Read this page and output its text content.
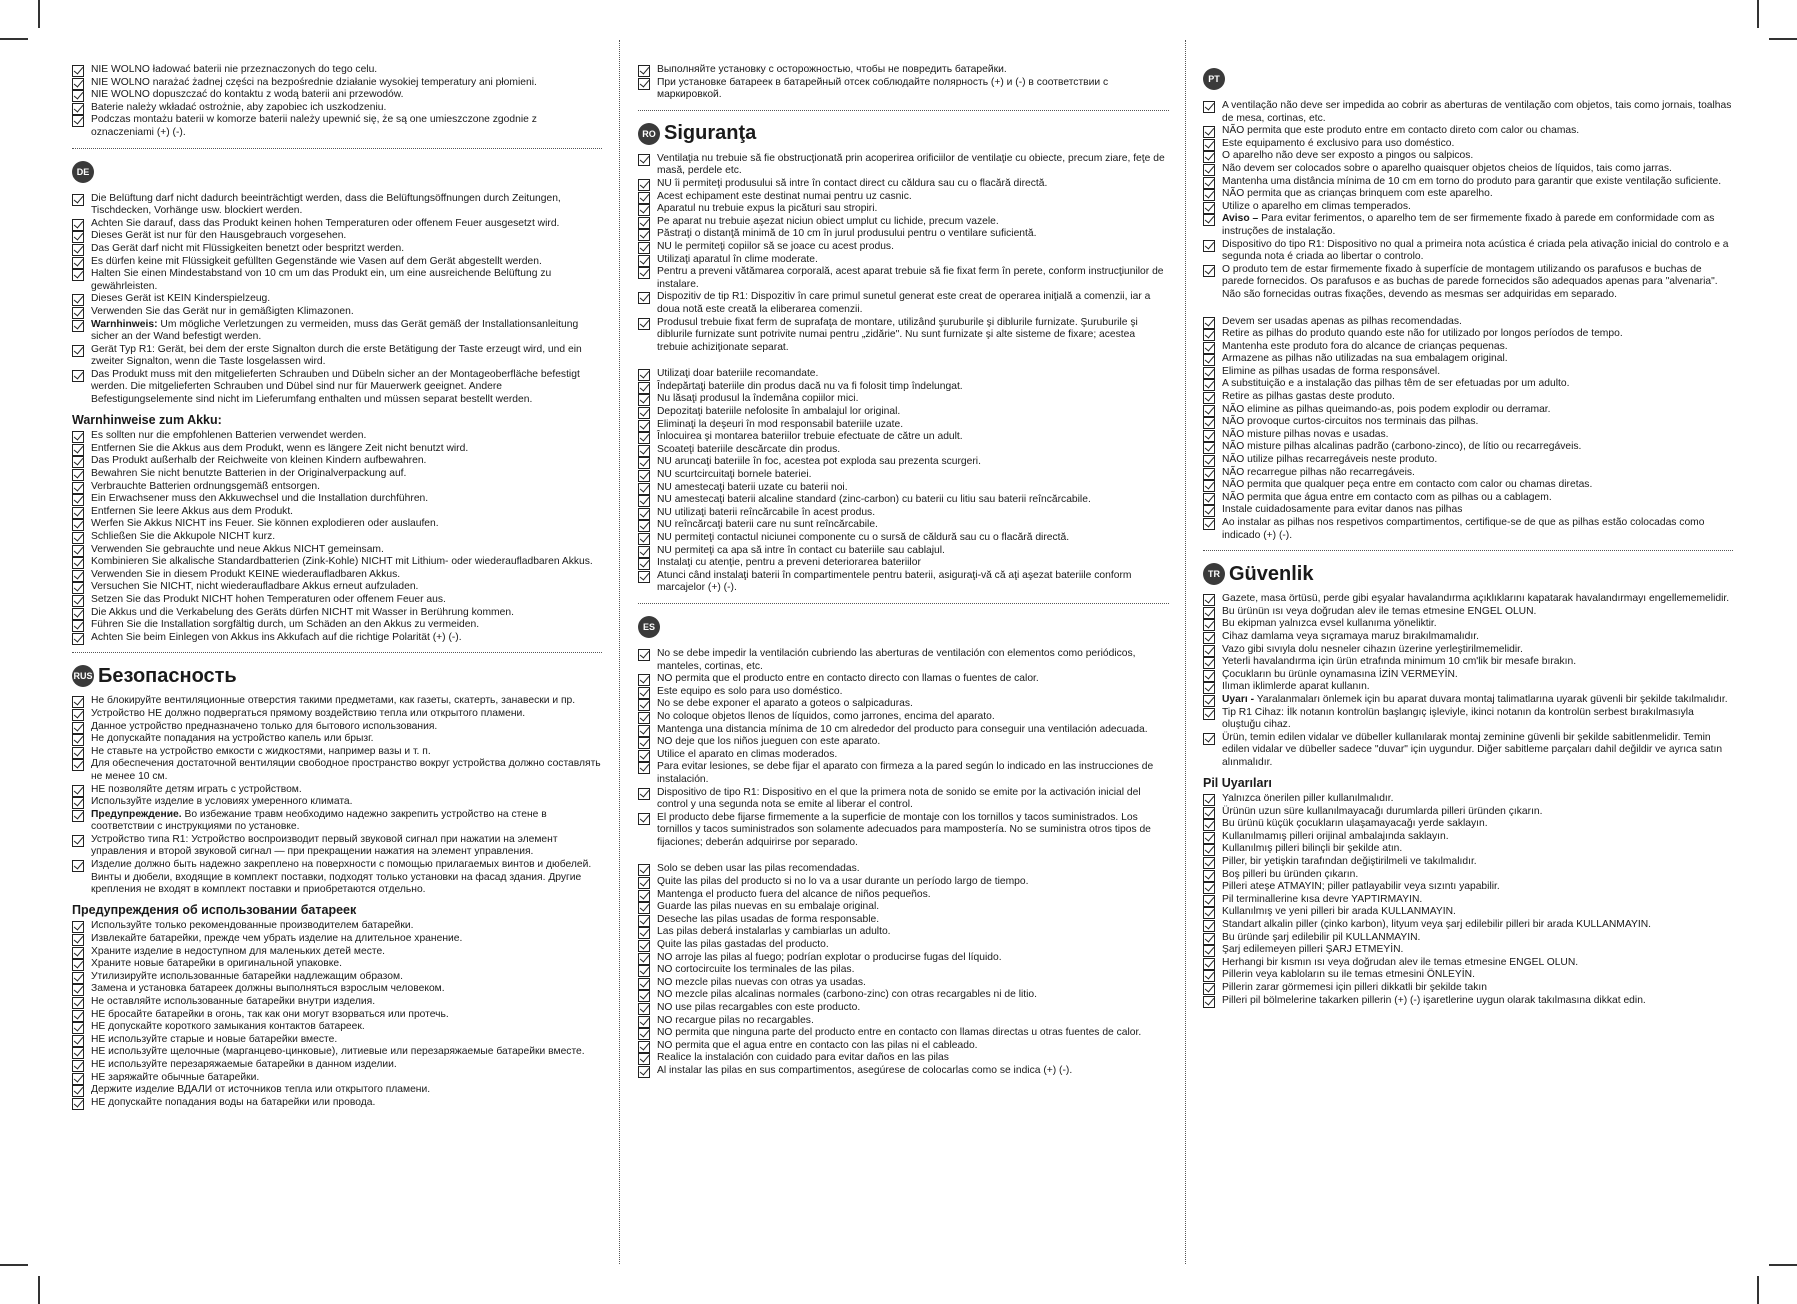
NIE WOLNO ładować baterii nie przeznaczonych do tego celu.
NIE WOLNO narażać żadnej części na bezpośrednie działanie wysokiej temperatury ani płomieni.
NIE WOLNO dopuszczać do kontaktu z wodą baterii ani przewodów.
Baterie należy wkładać ostrożnie, aby zapobiec ich uszkodzeniu.
Podczas montażu baterii w komorze baterii należy upewnić się, że są one umieszczone zgodnie z oznaczeniami (+) (-).
DE
Die Belüftung darf nicht dadurch beeinträchtigt werden, dass die Belüftungsöffnungen durch Zeitungen, Tischdecken, Vorhänge usw. blockiert werden.
Achten Sie darauf, dass das Produkt keinen hohen Temperaturen oder offenem Feuer ausgesetzt wird.
Dieses Gerät ist nur für den Hausgebrauch vorgesehen.
Das Gerät darf nicht mit Flüssigkeiten benetzt oder bespritzt werden.
Es dürfen keine mit Flüssigkeit gefüllten Gegenstände wie Vasen auf dem Gerät abgestellt werden.
Halten Sie einen Mindestabstand von 10 cm um das Produkt ein, um eine ausreichende Belüftung zu gewährleisten.
Dieses Gerät ist KEIN Kinderspielzeug.
Verwenden Sie das Gerät nur in gemäßigten Klimazonen.
Warnhinweis: Um mögliche Verletzungen zu vermeiden, muss das Gerät gemäß der Installationsanleitung sicher an der Wand befestigt werden.
Gerät Typ R1: Gerät, bei dem der erste Signalton durch die erste Betätigung der Taste erzeugt wird, und ein zweiter Signalton, wenn die Taste losgelassen wird.
Das Produkt muss mit den mitgelieferten Schrauben und Dübeln sicher an der Montageoberfläche befestigt werden. Die mitgelieferten Schrauben und Dübel sind nur für Mauerwerk geeignet. Andere Befestigungselemente sind nicht im Lieferumfang enthalten und müssen separat bestellt werden.
Warnhinweise zum Akku:
Es sollten nur die empfohlenen Batterien verwendet werden.
Entfernen Sie die Akkus aus dem Produkt, wenn es längere Zeit nicht benutzt wird.
Das Produkt außerhalb der Reichweite von kleinen Kindern aufbewahren.
Bewahren Sie nicht benutzte Batterien in der Originalverpackung auf.
Verbrauchte Batterien ordnungsgemäß entsorgen.
Ein Erwachsener muss den Akkuwechsel und die Installation durchführen.
Entfernen Sie leere Akkus aus dem Produkt.
Werfen Sie Akkus NICHT ins Feuer. Sie können explodieren oder auslaufen.
Schließen Sie die Akkupole NICHT kurz.
Verwenden Sie gebrauchte und neue Akkus NICHT gemeinsam.
Kombinieren Sie alkalische Standardbatterien (Zink-Kohle) NICHT mit Lithium- oder wiederaufladbaren Akkus.
Verwenden Sie in diesem Produkt KEINE wiederaufladbaren Akkus.
Versuchen Sie NICHT, nicht wiederaufladbare Akkus erneut aufzuladen.
Setzen Sie das Produkt NICHT hohen Temperaturen oder offenem Feuer aus.
Die Akkus und die Verkabelung des Geräts dürfen NICHT mit Wasser in Berührung kommen.
Führen Sie die Installation sorgfältig durch, um Schäden an den Akkus zu vermeiden.
Achten Sie beim Einlegen von Akkus ins Akkufach auf die richtige Polarität (+) (-).
RUS Безопасность
Не блокируйте вентиляционные отверстия такими предметами, как газеты, скатерть, занавески и пр.
Устройство НЕ должно подвергаться прямому воздействию тепла или открытого пламени.
Данное устройство предназначено только для бытового использования.
Не допускайте попадания на устройство капель или брызг.
Не ставьте на устройство емкости с жидкостями, например вазы и т. п.
Для обеспечения достаточной вентиляции свободное пространство вокруг устройства должно составлять не менее 10 см.
НЕ позволяйте детям играть с устройством.
Используйте изделие в условиях умеренного климата.
Предупреждение. Во избежание травм необходимо надежно закрепить устройство на стене в соответствии с инструкциями по установке.
Устройство типа R1: Устройство воспроизводит первый звуковой сигнал при нажатии на элемент управления и второй звуковой сигнал — при прекращении нажатия на элемент управления.
Изделие должно быть надежно закреплено на поверхности с помощью прилагаемых винтов и дюбелей. Винты и дюбели, входящие в комплект поставки, подходят только установки на фасад здания. Другие крепления не входят в комплект поставки и приобретаются отдельно.
Предупреждения об использовании батареек
Используйте только рекомендованные производителем батарейки.
Извлекайте батарейки, прежде чем убрать изделие на длительное хранение.
Храните изделие в недоступном для маленьких детей месте.
Храните новые батарейки в оригинальной упаковке.
Утилизируйте использованные батарейки надлежащим образом.
Замена и установка батареек должны выполняться взрослым человеком.
Не оставляйте использованные батарейки внутри изделия.
НЕ бросайте батарейки в огонь, так как они могут взорваться или протечь.
НЕ допускайте короткого замыкания контактов батареек.
НЕ используйте старые и новые батарейки вместе.
НЕ используйте щелочные (марганцево-цинковые), литиевые или перезаряжаемые батарейки вместе.
НЕ используйте перезаряжаемые батарейки в данном изделии.
НЕ заряжайте обычные батарейки.
Держите изделие ВДАЛИ от источников тепла или открытого пламени.
НЕ допускайте попадания воды на батарейки или провода.
Выполняйте установку с осторожностью, чтобы не повредить батарейки.
При установке батареек в батарейный отсек соблюдайте полярность (+) и (-) в соответствии с маркировкой.
RO Siguranţa
Ventilaţia nu trebuie să fie obstrucţionată prin acoperirea orificiilor de ventilaţie cu obiecte, precum ziare, feţe de masă, perdele etc.
NU îi permiteţi produsului să intre în contact direct cu căldura sau cu o flacără directă.
Acest echipament este destinat numai pentru uz casnic.
Aparatul nu trebuie expus la picături sau stropiri.
Pe aparat nu trebuie aşezat niciun obiect umplut cu lichide, precum vazele.
Păstraţi o distanţă minimă de 10 cm în jurul produsului pentru o ventilare suficientă.
NU le permiteţi copiilor să se joace cu acest produs.
Utilizaţi aparatul în climе moderate.
Pentru a preveni vătămarea corporală, acest aparat trebuie să fie fixat ferm în perete, conform instrucţiunilor de instalare.
Dispozitiv de tip R1: Dispozitiv în care primul sunetul generat este creat de operarea iniţială a comenzii, iar a doua notă este creată la eliberarea comenzii.
Produsul trebuie fixat ferm de suprafaţa de montare, utilizând şuruburile şi diblurile furnizate. Şuruburile şi diblurile furnizate sunt potrivite numai pentru „zidărie". Nu sunt furnizate şi alte sisteme de fixare; acestea trebuie achiziţionate separat.
Utilizaţi doar bateriile recomandate.
Îndepărtaţi bateriile din produs dacă nu va fi folosit timp îndelungat.
Nu lăsaţi produsul la îndemâna copiilor mici.
Depozitaţi bateriile nefolosite în ambalajul lor original.
Eliminaţi la deşeuri în mod responsabil bateriile uzate.
Înlocuirea şi montarea bateriilor trebuie efectuate de către un adult.
Scoateţi bateriile descărcate din produs.
NU aruncaţi bateriile în foc, acestea pot exploda sau prezenta scurgeri.
NU scurtcircuitaţi bornele bateriei.
NU amestecaţi baterii uzate cu baterii noi.
NU amestecaţi baterii alcaline standard (zinc-carbon) cu baterii cu litiu sau baterii reîncărcabile.
NU utilizaţi baterii reîncărcabile în acest produs.
NU reîncărcaţi baterii care nu sunt reîncărcabile.
NU permiteţi contactul niciunei componente cu o sursă de căldură sau cu o flacără directă.
NU permiteţi ca apa să intre în contact cu bateriile sau cablajul.
Instalaţi cu atenţie, pentru a preveni deteriorarea bateriilor
Atunci când instalaţi baterii în compartimentele pentru baterii, asiguraţi-vă că aţi aşezat bateriile conform marcajelor (+) (-).
ES
No se debe impedir la ventilación cubriendo las aberturas de ventilación con elementos como periódicos, manteles, cortinas, etc.
NO permita que el producto entre en contacto directo con llamas o fuentes de calor.
Este equipo es solo para uso doméstico.
No se debe exponer el aparato a goteos o salpicaduras.
No coloque objetos llenos de líquidos, como jarrones, encima del aparato.
Mantenga una distancia mínima de 10 cm alrededor del producto para conseguir una ventilación adecuada.
NO deje que los niños jueguen con este aparato.
Utilice el aparato en climas moderados.
Para evitar lesiones, se debe fijar el aparato con firmeza a la pared según lo indicado en las instrucciones de instalación.
Dispositivo de tipo R1: Dispositivo en el que la primera nota de sonido se emite por la activación inicial del control y una segunda nota se emite al liberar el control.
El producto debe fijarse firmemente a la superficie de montaje con los tornillos y tacos suministrados. Los tornillos y tacos suministrados son solamente adecuados para mampostería. No se suministra otros tipos de fijaciones; deberán adquirirse por separado.
Solo se deben usar las pilas recomendadas.
Quite las pilas del producto si no lo va a usar durante un período largo de tiempo.
Mantenga el producto fuera del alcance de niños pequeños.
Guarde las pilas nuevas en su embalaje original.
Deseche las pilas usadas de forma responsable.
Las pilas deberá instalarlas y cambiarlas un adulto.
Quite las pilas gastadas del producto.
NO arroje las pilas al fuego; podrían explotar o producirse fugas del líquido.
NO cortocircuite los terminales de las pilas.
NO mezcle pilas nuevas con otras ya usadas.
NO mezcle pilas alcalinas normales (carbono-zinc) con otras recargables ni de litio.
NO use pilas recargables con este producto.
NO recargue pilas no recargables.
NO permita que ninguna parte del producto entre en contacto con llamas directas u otras fuentes de calor.
NO permita que el agua entre en contacto con las pilas ni el cableado.
Realice la instalación con cuidado para evitar daños en las pilas
Al instalar las pilas en sus compartimentos, asegúrese de colocarlas como se indica (+) (-).
PT
A ventilação não deve ser impedida ao cobrir as aberturas de ventilação com objetos, tais como jornais, toalhas de mesa, cortinas, etc.
NÃO permita que este produto entre em contacto direto com calor ou chamas.
Este equipamento é exclusivo para uso doméstico.
O aparelho não deve ser exposto a pingos ou salpicos.
Não devem ser colocados sobre o aparelho quaisquer objetos cheios de líquidos, tais como jarras.
Mantenha uma distância mínima de 10 cm em torno do produto para garantir que existe ventilação suficiente.
NÃO permita que as crianças brinquem com este aparelho.
Utilize o aparelho em climas temperados.
Aviso – Para evitar ferimentos, o aparelho tem de ser firmemente fixado à parede em conformidade com as instruções de instalação.
Dispositivo do tipo R1: Dispositivo no qual a primeira nota acústica é criada pela ativação inicial do controlo e a segunda nota é criada ao libertar o controlo.
O produto tem de estar firmemente fixado à superfície de montagem utilizando os parafusos e buchas de parede fornecidos. Os parafusos e as buchas de parede fornecidos são adequados apenas para "alvenaria". Não são fornecidas outras fixações, devendo as mesmas ser adquiridas em separado.
Devem ser usadas apenas as pilhas recomendadas.
Retire as pilhas do produto quando este não for utilizado por longos períodos de tempo.
Mantenha este produto fora do alcance de crianças pequenas.
Armazene as pilhas não utilizadas na sua embalagem original.
Elimine as pilhas usadas de forma responsável.
A substituição e a instalação das pilhas têm de ser efetuadas por um adulto.
Retire as pilhas gastas deste produto.
NÃO elimine as pilhas queimando-as, pois podem explodir ou derramar.
NÃO provoque curtos-circuitos nos terminais das pilhas.
NÃO misture pilhas novas e usadas.
NÃO misture pilhas alcalinas padrão (carbono-zinco), de lítio ou recarregáveis.
NÃO utilize pilhas recarregáveis neste produto.
NÃO recarregue pilhas não recarregáveis.
NÃO permita que qualquer peça entre em contacto com calor ou chamas diretas.
NÃO permita que água entre em contacto com as pilhas ou a cablagem.
Instale cuidadosamente para evitar danos nas pilhas
Ao instalar as pilhas nos respetivos compartimentos, certifique-se de que as pilhas estão colocadas como indicado (+) (-).
TR Güvenlik
Gazete, masa örtüsü, perde gibi eşyalar havalandırma açıklıklarını kapatarak havalandırmayı engellememelidir.
Bu ürünün ısı veya doğrudan alev ile temas etmesine ENGEL OLUN.
Bu ekipman yalnızca evsel kullanıma yöneliktir.
Cihaz damlama veya sıçramaya maruz bırakılmamalıdır.
Vazo gibi sıvıyla dolu nesneler cihazın üzerine yerleştirilmemelidir.
Yeterli havalandırma için ürün etrafında minimum 10 cm'lik bir mesafe bırakın.
Çocukların bu ürünle oynamasına İZİN VERMEYİN.
Ilıman iklimlerde aparat kullanın.
Uyarı - Yaralanmaları önlemek için bu aparat duvara montaj talimatlarına uyarak güvenli bir şekilde takılmalıdır.
Tip R1 Cihaz: İlk notanın kontrolün başlangıç işleviyle, ikinci notanın da kontrolün serbest bırakılmasıyla oluştuğu cihaz.
Ürün, temin edilen vidalar ve dübeller kullanılarak montaj zeminine güvenli bir şekilde sabitlenmelidir. Temin edilen vidalar ve dübeller sadece "duvar" için uygundur. Diğer sabitleme parçaları dahil değildir ve ayrıca satın alınmalıdır.
Pil Uyarıları
Yalnızca önerilen piller kullanılmalıdır.
Ürünün uzun süre kullanılmayacağı durumlarda pilleri üründen çıkarın.
Bu ürünü küçük çocukların ulaşamayacağı yerde saklayın.
Kullanılmamış pilleri orijinal ambalajında saklayın.
Kullanılmış pilleri bilinçli bir şekilde atın.
Piller, bir yetişkin tarafından değiştirilmeli ve takılmalıdır.
Boş pilleri bu üründen çıkarın.
Pilleri ateşe ATMAYIN; piller patlayabilir veya sızıntı yapabilir.
Pil terminallerine kısa devre YAPTIRMAYIN.
Kullanılmış ve yeni pilleri bir arada KULLANMAYIN.
Standart alkalin piller (çinko karbon), lityum veya şarj edilebilir pilleri bir arada KULLANMAYIN.
Bu üründe şarj edilebilir pil KULLANMAYIN.
Şarj edilemeyen pilleri ŞARJ ETMEYİN.
Herhangi bir kısmın ısı veya doğrudan alev ile temas etmesine ENGEL OLUN.
Pillerin veya kabloların su ile temas etmesini ÖNLEYİN.
Pillerin zarar görmemesi için pilleri dikkatli bir şekilde takın
Pilleri pil bölmelerine takarken pillerin (+) (-) işaretlerine uygun olarak takılmasına dikkat edin.
